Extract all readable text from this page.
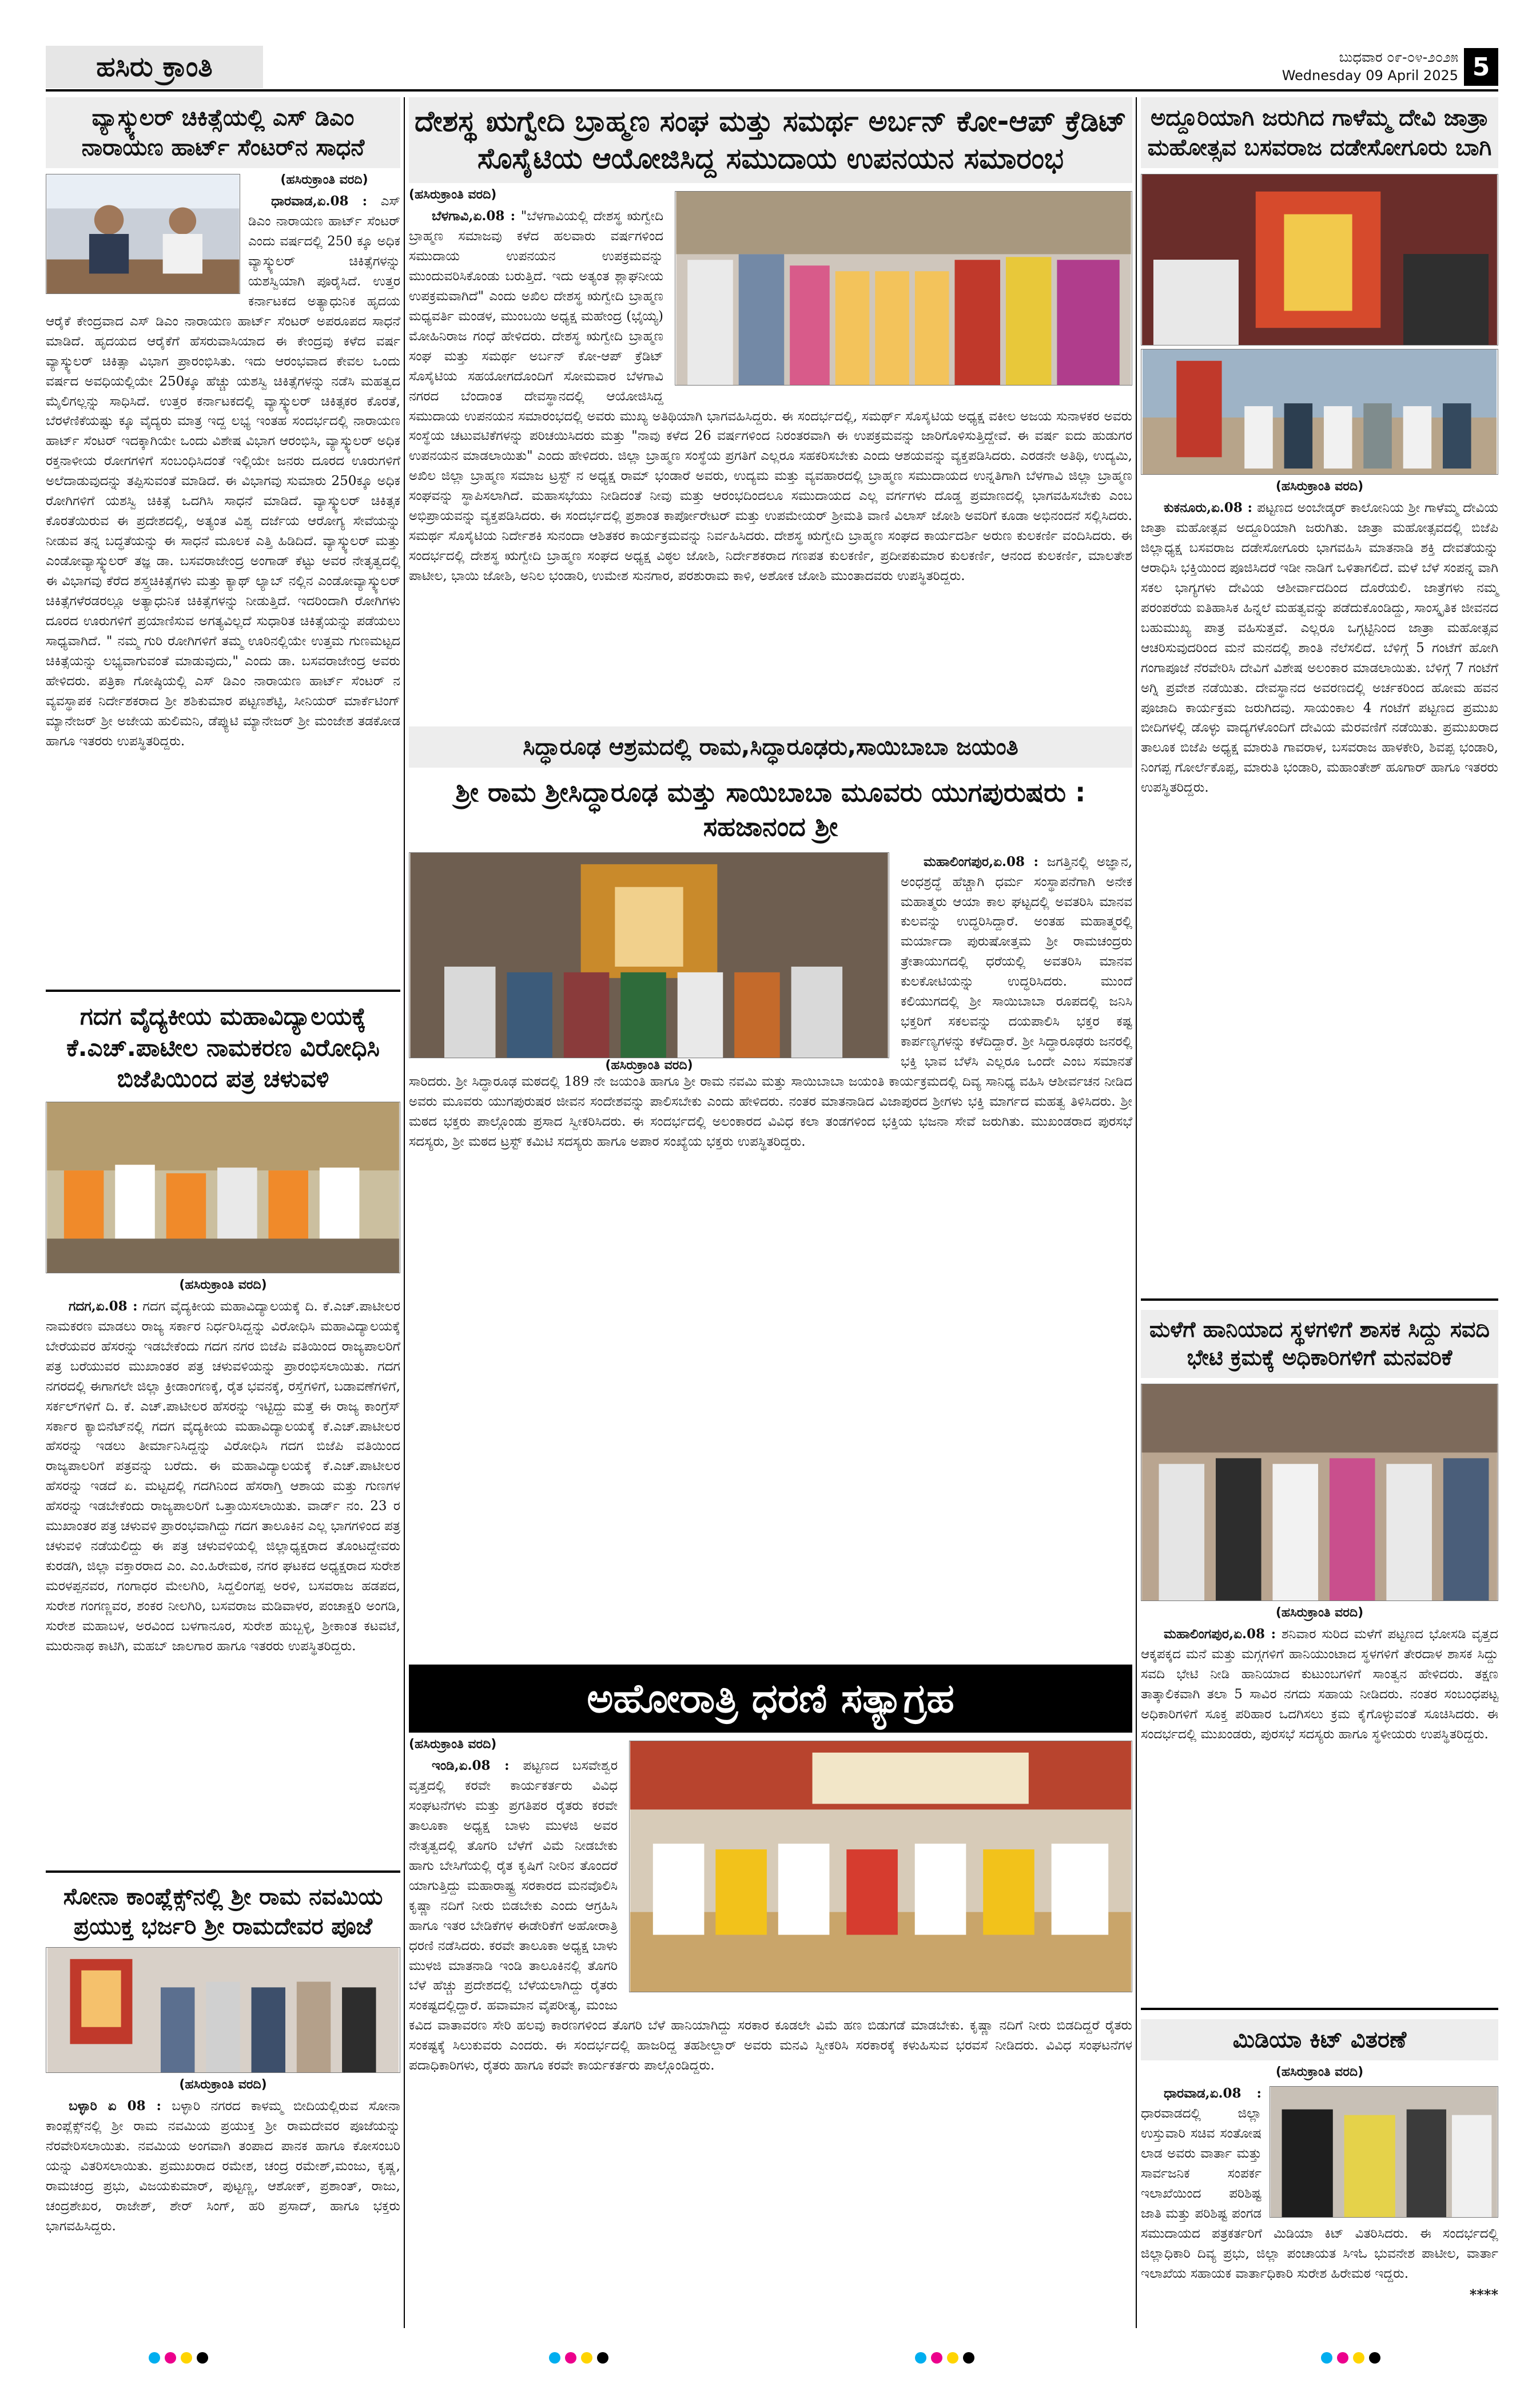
ಹಸಿರು ಕ್ರಾಂತಿ	ಬುಧವಾರ ೦೯-೦೪-೨೦೨೫
Wednesday 09 April 2025 5
ವ್ಯಾಸ್ಕ್ಯುಲರ್ ಚಿಕಿತ್ಸೆಯಲ್ಲಿ ಎಸ್ ಡಿಎಂ ನಾರಾಯಣ ಹಾರ್ಟ್ ಸೆಂಟರ್‌ನ ಸಾಧನೆ
(ಹಸಿರುಕ್ರಾಂತಿ ವರದಿ)

ಧಾರವಾಡ,ಏ.08 : ಎಸ್ ಡಿಎಂ ನಾರಾಯಣ ಹಾರ್ಟ್ ಸೆಂಟರ್ ಎಂದು ವರ್ಷದಲ್ಲಿ 250 ಕ್ಕೂ ಅಧಿಕ ವ್ಯಾಸ್ಕ್ಯುಲರ್ ಚಿಕಿತ್ಸೆಗಳನ್ನು ಯಶಸ್ವಿಯಾಗಿ ಪೂರೈಸಿದೆ. ಉತ್ತರ ಕರ್ನಾಟಕದ ಅತ್ಯಾಧುನಿಕ ಹೃದಯ ಆರೈಕೆ ಕೇಂದ್ರವಾದ ಎಸ್ ಡಿಎಂ ನಾರಾಯಣ ಹಾರ್ಟ್ ಸೆಂಟರ್ ಅಪರೂಪದ ಸಾಧನೆ ಮಾಡಿದೆ. ಹೃದಯದ ಆರೈಕೆಗೆ ಹೆಸರುವಾಸಿಯಾದ ಈ ಕೇಂದ್ರವು ಕಳೆದ ವರ್ಷ ವ್ಯಾಸ್ಕ್ಯುಲರ್ ಚಿಕಿತ್ಸಾ ವಿಭಾಗ ಪ್ರಾರಂಭಿಸಿತು. ಇದು ಆರಂಭವಾದ ಕೇವಲ ಒಂದು ವರ್ಷದ ಅವಧಿಯಲ್ಲಿಯೇ 250ಕ್ಕೂ ಹೆಚ್ಚು ಯಶಸ್ವಿ ಚಿಕಿತ್ಸೆಗಳನ್ನು ನಡೆಸಿ ಮಹತ್ವದ ಮೈಲಿಗಲ್ಲನ್ನು ಸಾಧಿಸಿದೆ. ಉತ್ತರ ಕರ್ನಾಟಕದಲ್ಲಿ ವ್ಯಾಸ್ಕ್ಯುಲರ್ ಚಿಕಿತ್ಸಕರ ಕೊರತೆ, ಬೆರಳೆಣಿಕೆಯಷ್ಟು ಕ್ಕೂ ವೈದ್ಯರು ಮಾತ್ರ ಇದ್ದ ಲಭ್ಯ ಇಂತಹ ಸಂದರ್ಭದಲ್ಲಿ ನಾರಾಯಣ ಹಾರ್ಟ್ ಸೆಂಟರ್ ಇದಕ್ಕಾಗಿಯೇ ಒಂದು ವಿಶೇಷ ವಿಭಾಗ ಆರಂಭಿಸಿ, ವ್ಯಾಸ್ಕ್ಯುಲರ್ ಅಧಿಕ ರಕ್ತನಾಳೀಯ ರೋಗಗಳಿಗೆ ಸಂಬಂಧಿಸಿದಂತೆ ಇಲ್ಲಿಯೇ ಜನರು ದೂರದ ಊರುಗಳಿಗೆ ಅಲೆದಾಡುವುದನ್ನು ತಪ್ಪಿಸುವಂತೆ ಮಾಡಿದೆ. ಈ ವಿಭಾಗವು ಸುಮಾರು 250ಕ್ಕೂ ಅಧಿಕ ರೋಗಿಗಳಿಗೆ ಯಶಸ್ವಿ ಚಿಕಿತ್ಸೆ ಒದಗಿಸಿ ಸಾಧನೆ ಮಾಡಿದೆ. ವ್ಯಾಸ್ಕ್ಯುಲರ್ ಚಿಕಿತ್ಸಕ ಕೊರತೆಯಿರುವ ಈ ಪ್ರದೇಶದಲ್ಲಿ, ಅತ್ಯಂತ ವಿಶ್ವ ದರ್ಜೆಯ ಆರೋಗ್ಯ ಸೇವೆಯನ್ನು ನೀಡುವ ತನ್ನ ಬದ್ಧತೆಯನ್ನು ಈ ಸಾಧನೆ ಮೂಲಕ ಎತ್ತಿ ಹಿಡಿದಿದೆ. ವ್ಯಾಸ್ಕ್ಯುಲರ್ ಮತ್ತು ಎಂಡೋವ್ಯಾಸ್ಕ್ಯುಲರ್ ತಜ್ಞ ಡಾ. ಬಸವರಾಜೇಂದ್ರ ಅಂಗಾಡ್ ಕೆಟ್ಟು ಅವರ ನೇತೃತ್ವದಲ್ಲಿ ಈ ವಿಭಾಗವು ಕೆರೆದ ಶಸ್ತ್ರಚಿಕಿತ್ಸೆಗಳು ಮತ್ತು ಕ್ಯಾಥ್ ಲ್ಯಾಬ್ ನಲ್ಲಿನ ಎಂಡೋವ್ಯಾಸ್ಕ್ಯುಲರ್ ಚಿಕಿತ್ಸೆಗಳೆರಡರಲ್ಲೂ ಅತ್ಯಾಧುನಿಕ ಚಿಕಿತ್ಸೆಗಳನ್ನು ನೀಡುತ್ತಿದೆ. ಇದರಿಂದಾಗಿ ರೋಗಿಗಳು ದೂರದ ಊರುಗಳಿಗೆ ಪ್ರಯಾಣಿಸುವ ಅಗತ್ಯವಿಲ್ಲದೆ ಸುಧಾರಿತ ಚಿಕಿತ್ಸೆಯನ್ನು ಪಡೆಯಲು ಸಾಧ್ಯವಾಗಿದೆ. " ನಮ್ಮ ಗುರಿ ರೋಗಿಗಳಿಗೆ ತಮ್ಮ ಊರಿನಲ್ಲಿಯೇ ಉತ್ತಮ ಗುಣಮಟ್ಟದ ಚಿಕಿತ್ಸೆಯನ್ನು ಲಭ್ಯವಾಗುವಂತೆ ಮಾಡುವುದು," ಎಂದು ಡಾ. ಬಸವರಾಜೇಂದ್ರ ಅವರು ಹೇಳಿದರು. ಪತ್ರಿಕಾ ಗೋಷ್ಠಿಯಲ್ಲಿ ಎಸ್ ಡಿಎಂ ನಾರಾಯಣ ಹಾರ್ಟ್ ಸೆಂಟರ್ ನ ವ್ಯವಸ್ಥಾಪಕ ನಿರ್ದೇಶಕರಾದ ಶ್ರೀ ಶಶಿಕುಮಾರ ಪಟ್ಟಣಶೆಟ್ಟಿ, ಸೀನಿಯರ್ ಮಾರ್ಕೆಟಿಂಗ್ ಮ್ಯಾನೇಜರ್ ಶ್ರೀ ಅಜೇಯ ಹುಲಿಮನಿ, ಡೆಪ್ಯುಟಿ ಮ್ಯಾನೇಜರ್ ಶ್ರೀ ಮಂಜೇಶ ತಡಕೋಡ ಹಾಗೂ ಇತರರು ಉಪಸ್ಥಿತರಿದ್ದರು.

ಗದಗ ವೈದ್ಯಕೀಯ ಮಹಾವಿದ್ಯಾಲಯಕ್ಕೆ ಕೆ.ಎಚ್.ಪಾಟೀಲ ನಾಮಕರಣ ವಿರೋಧಿಸಿ ಬಿಜೆಪಿಯಿಂದ ಪತ್ರ ಚಳುವಳಿ
(ಹಸಿರುಕ್ರಾಂತಿ ವರದಿ)

ಗದಗ,ಏ.08 : ಗದಗ ವೈದ್ಯಕೀಯ ಮಹಾವಿದ್ಯಾಲಯಕ್ಕೆ ದಿ. ಕೆ.ಎಚ್.ಪಾಟೀಲರ ನಾಮಕರಣ ಮಾಡಲು ರಾಜ್ಯ ಸರ್ಕಾರ ನಿರ್ಧರಿಸಿದ್ದನ್ನು ವಿರೋಧಿಸಿ ಮಹಾವಿದ್ಯಾಲಯಕ್ಕೆ ಬೇರೆಯವರ ಹೆಸರನ್ನು ಇಡಬೇಕೆಂದು ಗದಗ ನಗರ ಬಿಜೆಪಿ ವತಿಯಿಂದ ರಾಜ್ಯಪಾಲರಿಗೆ ಪತ್ರ ಬರೆಯುವರ ಮುಖಾಂತರ ಪತ್ರ ಚಳುವಳಿಯನ್ನು ಪ್ರಾರಂಭಿಸಲಾಯಿತು. ಗದಗ ನಗರದಲ್ಲಿ ಈಗಾಗಲೇ ಜಿಲ್ಲಾ ಕ್ರೀಡಾಂಗಣಕ್ಕೆ, ರೈತ ಭವನಕ್ಕೆ, ರಸ್ತೆಗಳಿಗೆ, ಬಡಾವಣೆಗಳಿಗೆ, ಸರ್ಕಲ್‌ಗಳಿಗೆ ದಿ. ಕೆ. ಎಚ್.ಪಾಟೀಲರ ಹೆಸರನ್ನು ಇಟ್ಟಿದ್ದು ಮತ್ತೆ ಈ ರಾಜ್ಯ ಕಾಂಗ್ರೆಸ್ ಸರ್ಕಾರ ಕ್ಯಾಬಿನೆಟ್‌ನಲ್ಲಿ ಗದಗ ವೈದ್ಯಕೀಯ ಮಹಾವಿದ್ಯಾಲಯಕ್ಕೆ ಕೆ.ಎಚ್.ಪಾಟೀಲರ ಹೆಸರನ್ನು ಇಡಲು ತೀರ್ಮಾನಿಸಿದ್ದನ್ನು ವಿರೋಧಿಸಿ ಗದಗ ಬಿಜೆಪಿ ವತಿಯಿಂದ ರಾಜ್ಯಪಾಲರಿಗೆ ಪತ್ರವನ್ನು ಬರೆದು. ಈ ಮಹಾವಿದ್ಯಾಲಯಕ್ಕೆ ಕೆ.ಎಚ್.ಪಾಟೀಲರ ಹೆಸರನ್ನು ಇಡದೆ ಏ. ಮಟ್ಟದಲ್ಲಿ ಗದಗಿನಿಂದ ಹೆಸರಾಗ್ತಿ ಆಶಾಯ ಮತ್ತು ಗುಣಗಳ ಹೆಸರನ್ನು ಇಡಬೇಕೆಂದು ರಾಜ್ಯಪಾಲರಿಗೆ ಒತ್ತಾಯಿಸಲಾಯಿತು. ವಾರ್ಡ್ ನಂ. 23 ರ ಮುಖಾಂತರ ಪತ್ರ ಚಳುವಳಿ ಪ್ರಾರಂಭವಾಗಿದ್ದು ಗದಗ ತಾಲೂಕಿನ ಎಲ್ಲ ಭಾಗಗಳಿಂದ ಪತ್ರ ಚಳುವಳಿ ನಡೆಯಲಿದ್ದು ಈ ಪತ್ರ ಚಳುವಳಿಯಲ್ಲಿ ಜಿಲ್ಲಾಧ್ಯಕ್ಷರಾದ ತೊಂಟದ್ದೇವರು ಕುರಡಗಿ, ಜಿಲ್ಲಾ ವಕ್ತಾರರಾದ ಎಂ. ಎಂ.ಹಿರೇಮಠ, ನಗರ ಘಟಕದ ಅಧ್ಯಕ್ಷರಾದ ಸುರೇಶ ಮರಳಪ್ಪನವರ, ಗಂಗಾಧರ ಮೇಲಗಿರಿ, ಸಿದ್ದಲಿಂಗಪ್ಪ ಅರಳಿ, ಬಸವರಾಜ ಹಡಪದ, ಸುರೇಶ ಗಂಗಣ್ಣವರ, ಶಂಕರ ನೀಲಗಿರಿ, ಬಸವರಾಜ ಮಡಿವಾಳರ, ಪಂಚಾಕ್ಷರಿ ಅಂಗಡಿ, ಸುರೇಶ ಮಹಾಬಳ, ಅರವಿಂದ ಬಳಗಾನೂರ, ಸುರೇಶ ಹುಬ್ಬಳ್ಳಿ, ಶ್ರೀಕಾಂತ ಕಟವಟೆ, ಮುರುನಾಥ ಕಾಟಿಗಿ, ಮಹಬ್ ಜಾಲಗಾರ ಹಾಗೂ ಇತರರು ಉಪಸ್ಥಿತರಿದ್ದರು.

ಸೋನಾ ಕಾಂಪ್ಲೆಕ್ಸ್‌ನಲ್ಲಿ ಶ್ರೀ ರಾಮ ನವಮಿಯ ಪ್ರಯುಕ್ತ ಭರ್ಜರಿ ಶ್ರೀ ರಾಮದೇವರ ಪೂಜೆ
(ಹಸಿರುಕ್ರಾಂತಿ ವರದಿ)

ಬಳ್ಳಾರಿ ಏ 08 : ಬಳ್ಳಾರಿ ನಗರದ ಕಾಳಮ್ಮ ಬೀದಿಯಲ್ಲಿರುವ ಸೋನಾ ಕಾಂಪ್ಲೆಕ್ಸ್‌ನಲ್ಲಿ ಶ್ರೀ ರಾಮ ನವಮಿಯ ಪ್ರಯುಕ್ತ ಶ್ರೀ ರಾಮದೇವರ ಪೂಜೆಯನ್ನು ನೆರವೇರಿಸಲಾಯಿತು. ನವಮಿಯ ಅಂಗವಾಗಿ ತಂಪಾದ ಪಾನಕ ಹಾಗೂ ಕೋಸಂಬರಿ ಯನ್ನು ವಿತರಿಸಲಾಯಿತು. ಪ್ರಮುಖರಾದ ರಮೇಶ, ಚಂದ್ರ ರಮೇಶ್,ಮಂಜು, ಕೃಷ್ಣ, ರಾಮಚಂದ್ರ ಪ್ರಭು, ವಿಜಯಕುಮಾರ್, ಪುಟ್ಟಣ್ಣ, ಆಶೋಕ್, ಪ್ರಶಾಂತ್, ರಾಜು, ಚಂದ್ರಶೇಖರ, ರಾಜೇಶ್, ಶೇರ್ ಸಿಂಗ್, ಹರಿ ಪ್ರಸಾದ್, ಹಾಗೂ ಭಕ್ತರು ಭಾಗವಹಿಸಿದ್ದರು.

ದೇಶಸ್ಥ ಋಗ್ವೇದಿ ಬ್ರಾಹ್ಮಣ ಸಂಘ ಮತ್ತು ಸಮರ್ಥ ಅರ್ಬನ್ ಕೋ-ಆಪ್ ಕ್ರೆಡಿಟ್ ಸೊಸೈಟಿಯ ಆಯೋಜಿಸಿದ್ದ ಸಮುದಾಯ ಉಪನಯನ ಸಮಾರಂಭ
(ಹಸಿರುಕ್ರಾಂತಿ ವರದಿ)

ಬೆಳಗಾವಿ,ಏ.08 : "ಬೆಳಗಾವಿಯಲ್ಲಿ ದೇಶಸ್ಥ ಋಗ್ವೇದಿ ಬ್ರಾಹ್ಮಣ ಸಮಾಜವು ಕಳೆದ ಹಲವಾರು ವರ್ಷಗಳಿಂದ ಸಮುದಾಯ ಉಪನಯನ ಉಪಕ್ರಮವನ್ನು ಮುಂದುವರಿಸಿಕೊಂಡು ಬರುತ್ತಿದೆ. ಇದು ಅತ್ಯಂತ ಶ್ಲಾಘನೀಯ ಉಪಕ್ರಮವಾಗಿದೆ" ಎಂದು ಅಖಿಲ ದೇಶಸ್ಥ ಋಗ್ವೇದಿ ಬ್ರಾಹ್ಮಣ ಮಧ್ಯವರ್ತಿ ಮಂಡಳ, ಮುಂಬಯಿ ಅಧ್ಯಕ್ಷ ಮಹೇಂದ್ರ (ಭೈಯ್ಯ) ಮೋಹಿನಿರಾಜ ಗಂಧೆ ಹೇಳಿದರು. ದೇಶಸ್ಥ ಋಗ್ವೇದಿ ಬ್ರಾಹ್ಮಣ ಸಂಘ ಮತ್ತು ಸಮರ್ಥ ಅರ್ಬನ್ ಕೋ-ಆಪ್ ಕ್ರೆಡಿಟ್ ಸೊಸೈಟಿಯ ಸಹಯೋಗದೊಂದಿಗೆ ಸೋಮವಾರ ಬೆಳಗಾವಿ ನಗರದ ಬೆಂದಾಂತ ದೇವಸ್ಥಾನದಲ್ಲಿ ಆಯೋಜಿಸಿದ್ದ ಸಮುದಾಯ ಉಪನಯನ ಸಮಾರಂಭದಲ್ಲಿ ಅವರು ಮುಖ್ಯ ಅತಿಥಿಯಾಗಿ ಭಾಗವಹಿಸಿದ್ದರು. ಈ ಸಂದರ್ಭದಲ್ಲಿ, ಸಮರ್ಥ್ ಸೊಸೈಟಿಯ ಅಧ್ಯಕ್ಷ ವಕೀಲ ಅಜಯ ಸುನಾಳಕರ ಅವರು ಸಂಸ್ಥೆಯ ಚಟುವಟಿಕೆಗಳನ್ನು ಪರಿಚಯಿಸಿದರು ಮತ್ತು "ನಾವು ಕಳೆದ 26 ವರ್ಷಗಳಿಂದ ನಿರಂತರವಾಗಿ ಈ ಉಪಕ್ರಮವನ್ನು ಜಾರಿಗೊಳಿಸುತ್ತಿದ್ದೇವೆ. ಈ ವರ್ಷ ಐದು ಹುಡುಗರ ಉಪನಯನ ಮಾಡಲಾಯಿತು" ಎಂದು ಹೇಳಿದರು. ಜಿಲ್ಲಾ ಬ್ರಾಹ್ಮಣ ಸಂಸ್ಥೆಯ ಪ್ರಗತಿಗೆ ಎಲ್ಲರೂ ಸಹಕರಿಸಬೇಕು ಎಂದು ಆಶಯವನ್ನು ವ್ಯಕ್ತಪಡಿಸಿದರು. ಎರಡನೇ ಅತಿಥಿ, ಉದ್ಯಮಿ, ಅಖಿಲ ಜಿಲ್ಲಾ ಬ್ರಾಹ್ಮಣ ಸಮಾಜ ಟ್ರಸ್ಟ್ ನ ಅಧ್ಯಕ್ಷ ರಾಮ್ ಭಂಡಾರೆ ಅವರು, ಉದ್ಯಮ ಮತ್ತು ವ್ಯವಹಾರದಲ್ಲಿ ಬ್ರಾಹ್ಮಣ ಸಮುದಾಯದ ಉನ್ನತಿಗಾಗಿ ಬೆಳಗಾವಿ ಜಿಲ್ಲಾ ಬ್ರಾಹ್ಮಣ ಸಂಘವನ್ನು ಸ್ಥಾಪಿಸಲಾಗಿದೆ. ಮಹಾಸಭೆಯು ನೀಡಿದಂತೆ ನೀವು ಮತ್ತು ಆರಂಭದಿಂದಲೂ ಸಮುದಾಯದ ಎಲ್ಲ ವರ್ಗಗಳು ದೊಡ್ಡ ಪ್ರಮಾಣದಲ್ಲಿ ಭಾಗವಹಿಸಬೇಕು ಎಂಬ ಅಭಿಪ್ರಾಯವನ್ನು ವ್ಯಕ್ತಪಡಿಸಿದರು. ಈ ಸಂದರ್ಭದಲ್ಲಿ ಪ್ರಶಾಂತ ಕಾರ್ಪೋರೇಟರ್ ಮತ್ತು ಉಪಮೇಯರ್ ಶ್ರೀಮತಿ ವಾಣಿ ವಿಲಾಸ್ ಜೋಶಿ ಅವರಿಗೆ ಕೂಡಾ ಅಭಿನಂದನೆ ಸಲ್ಲಿಸಿದರು. ಸಮರ್ಥ ಸೊಸೈಟಿಯ ನಿರ್ದೇಶಕಿ ಸುನಂದಾ ಆಶಿತಕರ ಕಾರ್ಯಕ್ರಮವನ್ನು ನಿರ್ವಹಿಸಿದರು. ದೇಶಸ್ಥ ಋಗ್ವೇದಿ ಬ್ರಾಹ್ಮಣ ಸಂಘದ ಕಾರ್ಯದರ್ಶಿ ಅರುಣ ಕುಲಕರ್ಣಿ ವಂದಿಸಿದರು. ಈ ಸಂದರ್ಭದಲ್ಲಿ ದೇಶಸ್ಥ ಋಗ್ವೇದಿ ಬ್ರಾಹ್ಮಣ ಸಂಘದ ಅಧ್ಯಕ್ಷ ವಿಠ್ಠಲ ಜೋಶಿ, ನಿರ್ದೇಶಕರಾದ ಗಣಪತ ಕುಲಕರ್ಣಿ, ಪ್ರದೀಪಕುಮಾರ ಕುಲಕರ್ಣಿ, ಆನಂದ ಕುಲಕರ್ಣಿ, ಮಾಲತೇಶ ಪಾಟೀಲ, ಭಾಯಿ ಜೋಶಿ, ಅನಿಲ ಭಂಡಾರಿ, ಉಮೇಶ ಸುನಗಾರ, ಪರಶುರಾಮ ಕಾಳಿ, ಅಶೋಕ ಜೋಶಿ ಮುಂತಾದವರು ಉಪಸ್ಥಿತರಿದ್ದರು.

ಸಿದ್ಧಾರೂಢ ಆಶ್ರಮದಲ್ಲಿ ರಾಮ,ಸಿದ್ಧಾರೂಢರು,ಸಾಯಿಬಾಬಾ ಜಯಂತಿ
ಶ್ರೀ ರಾಮ ಶ್ರೀಸಿದ್ಧಾರೂಢ ಮತ್ತು ಸಾಯಿಬಾಬಾ ಮೂವರು ಯುಗಪುರುಷರು : ಸಹಜಾನಂದ ಶ್ರೀ
(ಹಸಿರುಕ್ರಾಂತಿ ವರದಿ)

ಮಹಾಲಿಂಗಪುರ,ಏ.08 : ಜಗತ್ತಿನಲ್ಲಿ ಅಜ್ಞಾನ, ಅಂಧಶ್ರದ್ಧೆ ಹೆಚ್ಚಾಗಿ ಧರ್ಮ ಸಂಸ್ಥಾಪನೆಗಾಗಿ ಅನೇಕ ಮಹಾತ್ಮರು ಆಯಾ ಕಾಲ ಘಟ್ಟದಲ್ಲಿ ಅವತರಿಸಿ ಮಾನವ ಕುಲವನ್ನು ಉದ್ಧರಿಸಿದ್ದಾರೆ. ಅಂತಹ ಮಹಾತ್ಮರಲ್ಲಿ ಮರ್ಯಾದಾ ಪುರುಷೋತ್ತಮ ಶ್ರೀ ರಾಮಚಂದ್ರರು ತ್ರೇತಾಯುಗದಲ್ಲಿ ಧರೆಯಲ್ಲಿ ಅವತರಿಸಿ ಮಾನವ ಕುಲಕೋಟಿಯನ್ನು ಉದ್ಧರಿಸಿದರು. ಮುಂದೆ ಕಲಿಯುಗದಲ್ಲಿ ಶ್ರೀ ಸಾಯಿಬಾಬಾ ರೂಪದಲ್ಲಿ ಜನಿಸಿ ಭಕ್ತರಿಗೆ ಸಕಲವನ್ನು ದಯಪಾಲಿಸಿ ಭಕ್ತರ ಕಷ್ಟ ಕಾರ್ಪಣ್ಯಗಳನ್ನು ಕಳೆದಿದ್ದಾರೆ. ಶ್ರೀ ಸಿದ್ಧಾರೂಢರು ಜನರಲ್ಲಿ ಭಕ್ತಿ ಭಾವ ಬೆಳೆಸಿ ಎಲ್ಲರೂ ಒಂದೇ ಎಂಬ ಸಮಾನತೆ ಸಾರಿದರು. ಶ್ರೀ ಸಿದ್ಧಾರೂಢ ಮಠದಲ್ಲಿ 189 ನೇ ಜಯಂತಿ ಹಾಗೂ ಶ್ರೀ ರಾಮ ನವಮಿ ಮತ್ತು ಸಾಯಿಬಾಬಾ ಜಯಂತಿ ಕಾರ್ಯಕ್ರಮದಲ್ಲಿ ದಿವ್ಯ ಸಾನಿಧ್ಯ ವಹಿಸಿ ಆಶೀರ್ವಚನ ನೀಡಿದ ಅವರು ಮೂವರು ಯುಗಪುರುಷರ ಜೀವನ ಸಂದೇಶವನ್ನು ಪಾಲಿಸಬೇಕು ಎಂದು ಹೇಳಿದರು. ನಂತರ ಮಾತನಾಡಿದ ವಿಜಾಪುರದ ಶ್ರೀಗಳು ಭಕ್ತಿ ಮಾರ್ಗದ ಮಹತ್ವ ತಿಳಿಸಿದರು. ಶ್ರೀ ಮಠದ ಭಕ್ತರು ಪಾಲ್ಗೊಂಡು ಪ್ರಸಾದ ಸ್ವೀಕರಿಸಿದರು. ಈ ಸಂದರ್ಭದಲ್ಲಿ ಅಲಂಕಾರದ ವಿವಿಧ ಕಲಾ ತಂಡಗಳಿಂದ ಭಕ್ತಿಯ ಭಜನಾ ಸೇವೆ ಜರುಗಿತು. ಮುಖಂಡರಾದ ಪುರಸಭೆ ಸದಸ್ಯರು, ಶ್ರೀ ಮಠದ ಟ್ರಸ್ಟ್ ಕಮಿಟಿ ಸದಸ್ಯರು ಹಾಗೂ ಅಪಾರ ಸಂಖ್ಯೆಯ ಭಕ್ತರು ಉಪಸ್ಥಿತರಿದ್ದರು.

ಅಹೋರಾತ್ರಿ ಧರಣಿ ಸತ್ಯಾಗ್ರಹ
(ಹಸಿರುಕ್ರಾಂತಿ ವರದಿ)

ಇಂಡಿ,ಏ.08 : ಪಟ್ಟಣದ ಬಸವೇಶ್ವರ ವೃತ್ತದಲ್ಲಿ ಕರವೇ ಕಾರ್ಯಕರ್ತರು ವಿವಿಧ ಸಂಘಟನೆಗಳು ಮತ್ತು ಪ್ರಗತಿಪರ ರೈತರು ಕರವೇ ತಾಲೂಕಾ ಅಧ್ಯಕ್ಷ ಬಾಳು ಮುಳಜಿ ಅವರ ನೇತೃತ್ವದಲ್ಲಿ ತೊಗರಿ ಬೆಳೆಗೆ ವಿಮೆ ನೀಡಬೇಕು ಹಾಗು ಬೇಸಿಗೆಯಲ್ಲಿ ರೈತ ಕೃಷಿಗೆ ನೀರಿನ ತೊಂದರೆ ಯಾಗುತ್ತಿದ್ದು ಮಹಾರಾಷ್ಟ್ರ ಸರಕಾರದ ಮನವೊಲಿಸಿ ಕೃಷ್ಣಾ ನದಿಗೆ ನೀರು ಬಿಡಬೇಕು ಎಂದು ಆಗ್ರಹಿಸಿ ಹಾಗೂ ಇತರ ಬೇಡಿಕೆಗಳ ಈಡೇರಿಕೆಗೆ ಅಹೋರಾತ್ರಿ ಧರಣಿ ನಡೆಸಿದರು. ಕರವೇ ತಾಲೂಕಾ ಅಧ್ಯಕ್ಷ ಬಾಳು ಮುಳಜಿ ಮಾತನಾಡಿ ಇಂಡಿ ತಾಲೂಕಿನಲ್ಲಿ ತೊಗರಿ ಬೆಳೆ ಹೆಚ್ಚು ಪ್ರದೇಶದಲ್ಲಿ ಬೆಳೆಯಲಾಗಿದ್ದು ರೈತರು ಸಂಕಷ್ಟದಲ್ಲಿದ್ದಾರೆ. ಹವಾಮಾನ ವೈಪರೀತ್ಯ, ಮಂಜು ಕವಿದ ವಾತಾವರಣ ಸೇರಿ ಹಲವು ಕಾರಣಗಳಿಂದ ತೊಗರಿ ಬೆಳೆ ಹಾನಿಯಾಗಿದ್ದು ಸರಕಾರ ಕೂಡಲೇ ವಿಮೆ ಹಣ ಬಿಡುಗಡೆ ಮಾಡಬೇಕು. ಕೃಷ್ಣಾ ನದಿಗೆ ನೀರು ಬಿಡದಿದ್ದರೆ ರೈತರು ಸಂಕಷ್ಟಕ್ಕೆ ಸಿಲುಕುವರು ಎಂದರು. ಈ ಸಂದರ್ಭದಲ್ಲಿ ಹಾಜರಿದ್ದ ತಹಶೀಲ್ದಾರ್ ಅವರು ಮನವಿ ಸ್ವೀಕರಿಸಿ ಸರಕಾರಕ್ಕೆ ಕಳುಹಿಸುವ ಭರವಸೆ ನೀಡಿದರು. ವಿವಿಧ ಸಂಘಟನೆಗಳ ಪದಾಧಿಕಾರಿಗಳು, ರೈತರು ಹಾಗೂ ಕರವೇ ಕಾರ್ಯಕರ್ತರು ಪಾಲ್ಗೊಂಡಿದ್ದರು.

ಅದ್ದೂರಿಯಾಗಿ ಜರುಗಿದ ಗಾಳೆಮ್ಮ ದೇವಿ ಜಾತ್ರಾ ಮಹೋತ್ಸವ ಬಸವರಾಜ ದಡೇಸೋಗೂರು ಬಾಗಿ
(ಹಸಿರುಕ್ರಾಂತಿ ವರದಿ)

ಕುಕನೂರು,ಏ.08 : ಪಟ್ಟಣದ ಅಂಬೇಡ್ಕರ್ ಕಾಲೋನಿಯ ಶ್ರೀ ಗಾಳೆಮ್ಮ ದೇವಿಯ ಜಾತ್ರಾ ಮಹೋತ್ಸವ ಅದ್ದೂರಿಯಾಗಿ ಜರುಗಿತು. ಜಾತ್ರಾ ಮಹೋತ್ಸವದಲ್ಲಿ ಬಿಜೆಪಿ ಜಿಲ್ಲಾಧ್ಯಕ್ಷ ಬಸವರಾಜ ದಡೇಸೋಗೂರು ಭಾಗವಹಿಸಿ ಮಾತನಾಡಿ ಶಕ್ತಿ ದೇವತೆಯನ್ನು ಆರಾಧಿಸಿ ಭಕ್ತಿಯಿಂದ ಪೂಜಿಸಿದರೆ ಇಡೀ ನಾಡಿಗೆ ಒಳಿತಾಗಲಿದೆ. ಮಳೆ ಬೆಳೆ ಸಂಪನ್ನ ವಾಗಿ ಸಕಲ ಭಾಗ್ಯಗಳು ದೇವಿಯ ಆಶೀರ್ವಾದದಿಂದ ದೊರೆಯಲಿ. ಜಾತ್ರೆಗಳು ನಮ್ಮ ಪರಂಪರೆಯ ಐತಿಹಾಸಿಕ ಹಿನ್ನಲೆ ಮಹತ್ವವನ್ನು ಪಡೆದುಕೊಂಡಿದ್ದು, ಸಾಂಸ್ಕೃತಿಕ ಜೀವನದ ಬಹುಮುಖ್ಯ ಪಾತ್ರ ವಹಿಸುತ್ತವೆ. ಎಲ್ಲರೂ ಒಗ್ಗಟ್ಟಿನಿಂದ ಜಾತ್ರಾ ಮಹೋತ್ಸವ ಆಚರಿಸುವುದರಿಂದ ಮನೆ ಮನದಲ್ಲಿ ಶಾಂತಿ ನೆಲೆಸಲಿದೆ. ಬೆಳಿಗ್ಗೆ 5 ಗಂಟೆಗೆ ಹೋಗಿ ಗಂಗಾಪೂಜೆ ನೆರವೇರಿಸಿ ದೇವಿಗೆ ವಿಶೇಷ ಅಲಂಕಾರ ಮಾಡಲಾಯಿತು. ಬೆಳಿಗ್ಗೆ 7 ಗಂಟೆಗೆ ಅಗ್ನಿ ಪ್ರವೇಶ ನಡೆಯಿತು. ದೇವಸ್ಥಾನದ ಅವರಣದಲ್ಲಿ ಅರ್ಚಕರಿಂದ ಹೋಮ ಹವನ ಪೂಜಾದಿ ಕಾರ್ಯಕ್ರಮ ಜರುಗಿದವು. ಸಾಯಂಕಾಲ 4 ಗಂಟೆಗೆ ಪಟ್ಟಣದ ಪ್ರಮುಖ ಬೀದಿಗಳಲ್ಲಿ ಡೊಳ್ಳು ವಾದ್ಯಗಳೊಂದಿಗೆ ದೇವಿಯ ಮೆರವಣಿಗೆ ನಡೆಯಿತು. ಪ್ರಮುಖರಾದ ತಾಲೂಕ ಬಿಜೆಪಿ ಅಧ್ಯಕ್ಷ ಮಾರುತಿ ಗಾವರಾಳ, ಬಸವರಾಜ ಹಾಳಕೇರಿ, ಶಿವಪ್ಪ ಭಂಡಾರಿ, ನಿಂಗಪ್ಪ ಗೋರ್ಲೆಕೊಪ್ಪ, ಮಾರುತಿ ಭಂಡಾರಿ, ಮಹಾಂತೇಶ್ ಹೂಗಾರ್ ಹಾಗೂ ಇತರರು ಉಪಸ್ಥಿತರಿದ್ದರು.

ಮಳೆಗೆ ಹಾನಿಯಾದ ಸ್ಥಳಗಳಿಗೆ ಶಾಸಕ ಸಿದ್ದು ಸವದಿ ಭೇಟಿ ಕ್ರಮಕ್ಕೆ ಅಧಿಕಾರಿಗಳಿಗೆ ಮನವರಿಕೆ
(ಹಸಿರುಕ್ರಾಂತಿ ವರದಿ)

ಮಹಾಲಿಂಗಪುರ,ಏ.08 : ಶನಿವಾರ ಸುರಿದ ಮಳೆಗೆ ಪಟ್ಟಣದ ಭೋಸಡಿ ವೃತ್ತದ ಆಕ್ಕಪಕ್ಕದ ಮನೆ ಮತ್ತು ಮಗ್ಗಗಳಿಗೆ ಹಾನಿಯುಂಟಾದ ಸ್ಥಳಗಳಿಗೆ ತೇರದಾಳ ಶಾಸಕ ಸಿದ್ದು ಸವದಿ ಭೇಟಿ ನೀಡಿ ಹಾನಿಯಾದ ಕುಟುಂಬಗಳಿಗೆ ಸಾಂತ್ವನ ಹೇಳಿದರು. ತಕ್ಷಣ ತಾತ್ಕಾಲಿಕವಾಗಿ ತಲಾ 5 ಸಾವಿರ ನಗದು ಸಹಾಯ ನೀಡಿದರು. ನಂತರ ಸಂಬಂಧಪಟ್ಟ ಅಧಿಕಾರಿಗಳಿಗೆ ಸೂಕ್ತ ಪರಿಹಾರ ಒದಗಿಸಲು ಕ್ರಮ ಕೈಗೊಳ್ಳುವಂತೆ ಸೂಚಿಸಿದರು. ಈ ಸಂದರ್ಭದಲ್ಲಿ ಮುಖಂಡರು, ಪುರಸಭೆ ಸದಸ್ಯರು ಹಾಗೂ ಸ್ಥಳೀಯರು ಉಪಸ್ಥಿತರಿದ್ದರು.

ಮಿಡಿಯಾ ಕಿಟ್ ವಿತರಣೆ
(ಹಸಿರುಕ್ರಾಂತಿ ವರದಿ)

ಧಾರವಾಡ,ಏ.08 : ಧಾರವಾಡದಲ್ಲಿ ಜಿಲ್ಲಾ ಉಸ್ತುವಾರಿ ಸಚಿವ ಸಂತೋಷ ಲಾಡ ಅವರು ವಾರ್ತಾ ಮತ್ತು ಸಾರ್ವಜನಿಕ ಸಂಪರ್ಕ ಇಲಾಖೆಯಿಂದ ಪರಿಶಿಷ್ಟ ಜಾತಿ ಮತ್ತು ಪರಿಶಿಷ್ಟ ಪಂಗಡ ಸಮುದಾಯದ ಪತ್ರಕರ್ತರಿಗೆ ಮಿಡಿಯಾ ಕಿಟ್ ವಿತರಿಸಿದರು. ಈ ಸಂದರ್ಭದಲ್ಲಿ ಜಿಲ್ಲಾಧಿಕಾರಿ ದಿವ್ಯ ಪ್ರಭು, ಜಿಲ್ಲಾ ಪಂಚಾಯತ ಸಿಇಓ ಭುವನೇಶ ಪಾಟೀಲ, ವಾರ್ತಾ ಇಲಾಖೆಯ ಸಹಾಯಕ ವಾರ್ತಾಧಿಕಾರಿ ಸುರೇಶ ಹಿರೇಮಠ ಇದ್ದರು.

****
